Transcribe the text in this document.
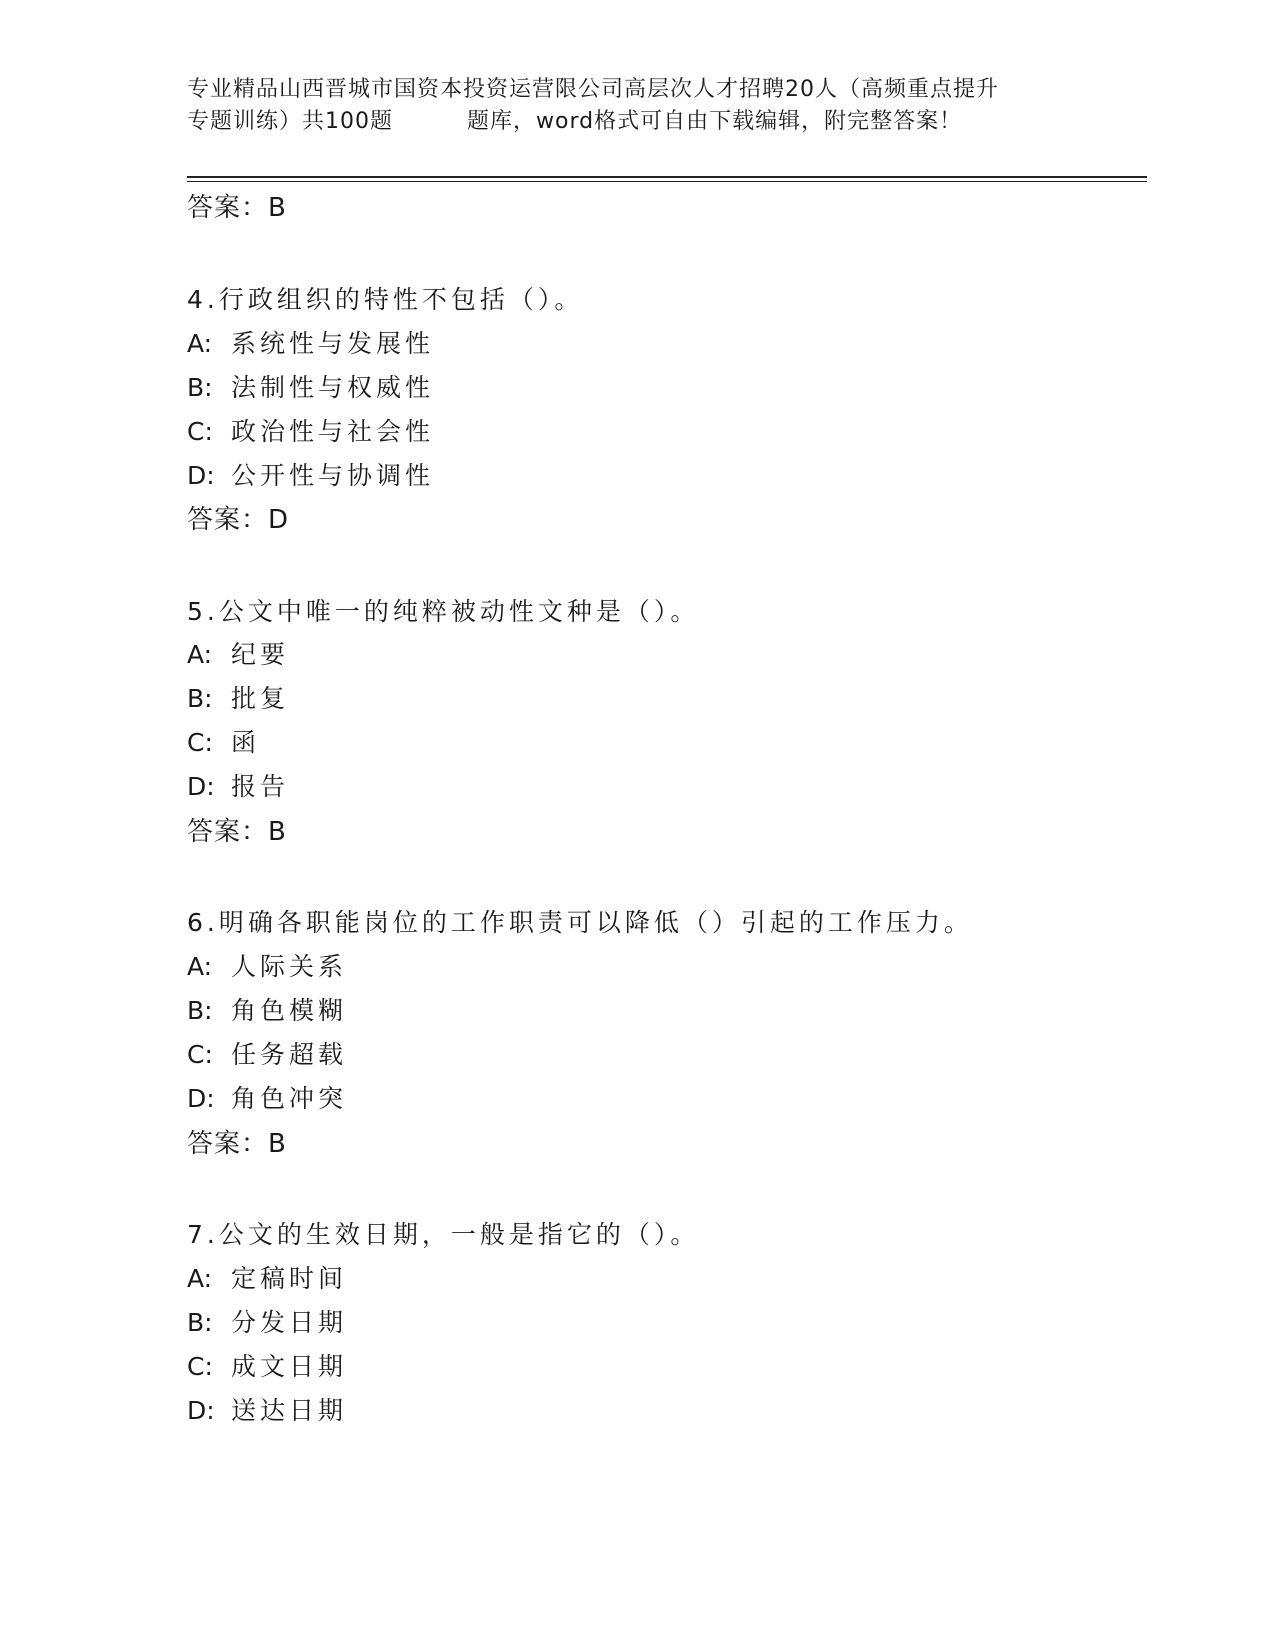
专业精品山西晋城市国资本投资运营限公司高层次人才招聘20人（高频重点提升
专题训练）共100题	题库，word格式可自由下载编辑，附完整答案！
答案：B
4.行政组织的特性不包括（）。
A: 系统性与发展性
B: 法制性与权威性
C: 政治性与社会性
D: 公开性与协调性
答案：D
5.公文中唯一的纯粹被动性文种是（）。
A: 纪要
B: 批复
C: 函
D: 报告
答案：B
6.明确各职能岗位的工作职责可以降低（）引起的工作压力。
A: 人际关系
B: 角色模糊
C: 任务超载
D: 角色冲突
答案：B
7.公文的生效日期，一般是指它的（）。
A: 定稿时间
B: 分发日期
C: 成文日期
D: 送达日期
